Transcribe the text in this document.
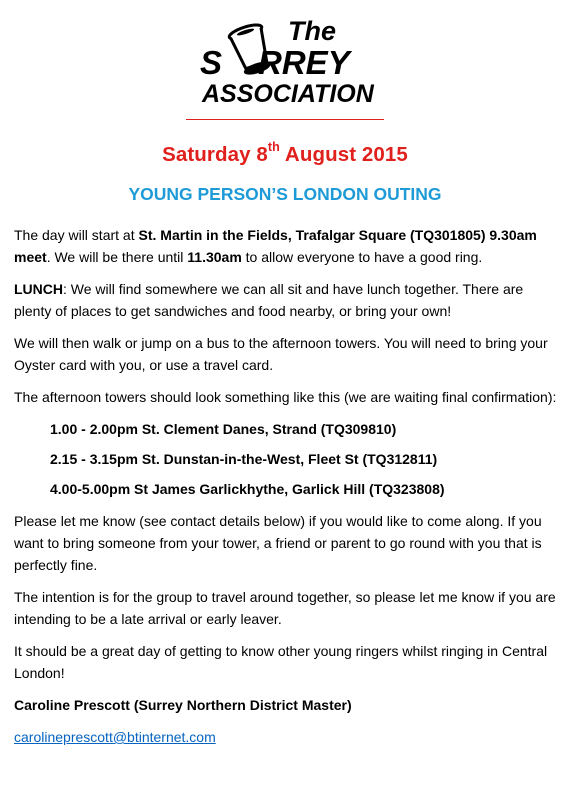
The
S RREY
ASSOCIATION
Saturday 8th August 2015
YOUNG PERSON’S LONDON OUTING

The day will start at St. Martin in the Fields, Trafalgar Square (TQ301805) 9.30am meet. We will be there until 11.30am to allow everyone to have a good ring.

LUNCH: We will find somewhere we can all sit and have lunch together. There are plenty of places to get sandwiches and food nearby, or bring your own!

We will then walk or jump on a bus to the afternoon towers. You will need to bring your Oyster card with you, or use a travel card.

The afternoon towers should look something like this (we are waiting final confirmation):

1.00 - 2.00pm St. Clement Danes, Strand (TQ309810)

2.15 - 3.15pm St. Dunstan-in-the-West, Fleet St (TQ312811)

4.00-5.00pm St James Garlickhythe, Garlick Hill (TQ323808)

Please let me know (see contact details below) if you would like to come along. If you want to bring someone from your tower, a friend or parent to go round with you that is perfectly fine.

The intention is for the group to travel around together, so please let me know if you are intending to be a late arrival or early leaver.

It should be a great day of getting to know other young ringers whilst ringing in Central London!

Caroline Prescott (Surrey Northern District Master)

carolineprescott@btinternet.com
